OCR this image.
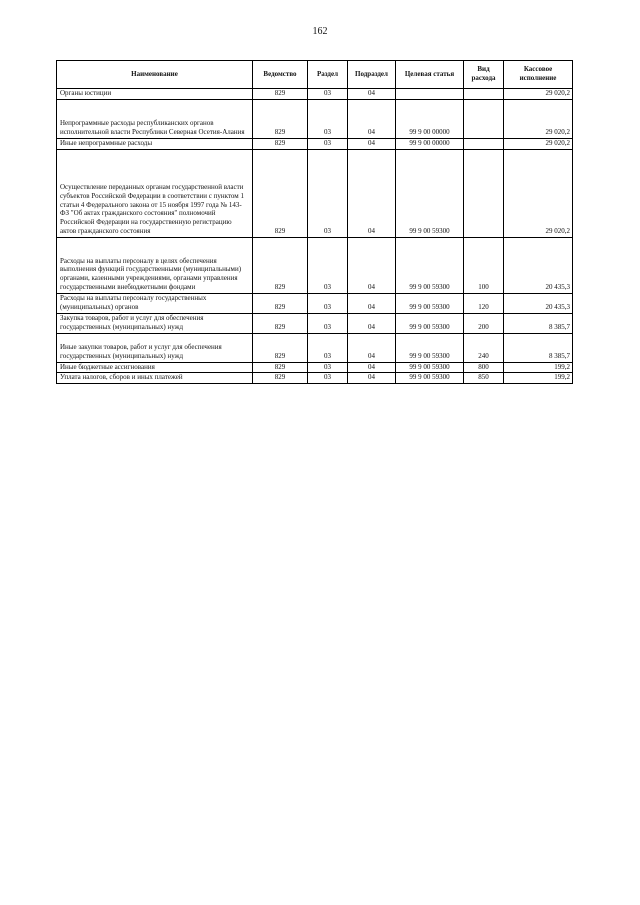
162
Наименование	Ведомство	Раздел	Подраздел	Целевая статья	Вид расхода	Кассовое исполнение
Органы юстиции	829	03	04			29 020,2
Непрограммные расходы республиканских органов исполнительной власти Республики Северная Осетия-Алания	829	03	04	99 9 00 00000		29 020,2
Иные непрограммные расходы	829	03	04	99 9 00 00000		29 020,2
Осуществление переданных органам государственной власти субъектов Российской Федерации в соответствии с пунктом 1 статьи 4 Федерального закона от 15 ноября 1997 года № 143-ФЗ "Об актах гражданского состояния" полномочий Российской Федерации на государственную регистрацию актов гражданского состояния	829	03	04	99 9 00 59300		29 020,2
Расходы на выплаты персоналу в целях обеспечения выполнения функций государственными (муниципальными) органами, казенными учреждениями, органами управления государственными внебюджетными фондами	829	03	04	99 9 00 59300	100	20 435,3
Расходы на выплаты персоналу государственных (муниципальных) органов	829	03	04	99 9 00 59300	120	20 435,3
Закупка товаров, работ и услуг для обеспечения государственных (муниципальных) нужд	829	03	04	99 9 00 59300	200	8 385,7
Иные закупки товаров, работ и услуг для обеспечения государственных (муниципальных) нужд	829	03	04	99 9 00 59300	240	8 385,7
Иные бюджетные ассигнования	829	03	04	99 9 00 59300	800	199,2
Уплата налогов, сборов и иных платежей	829	03	04	99 9 00 59300	850	199,2
